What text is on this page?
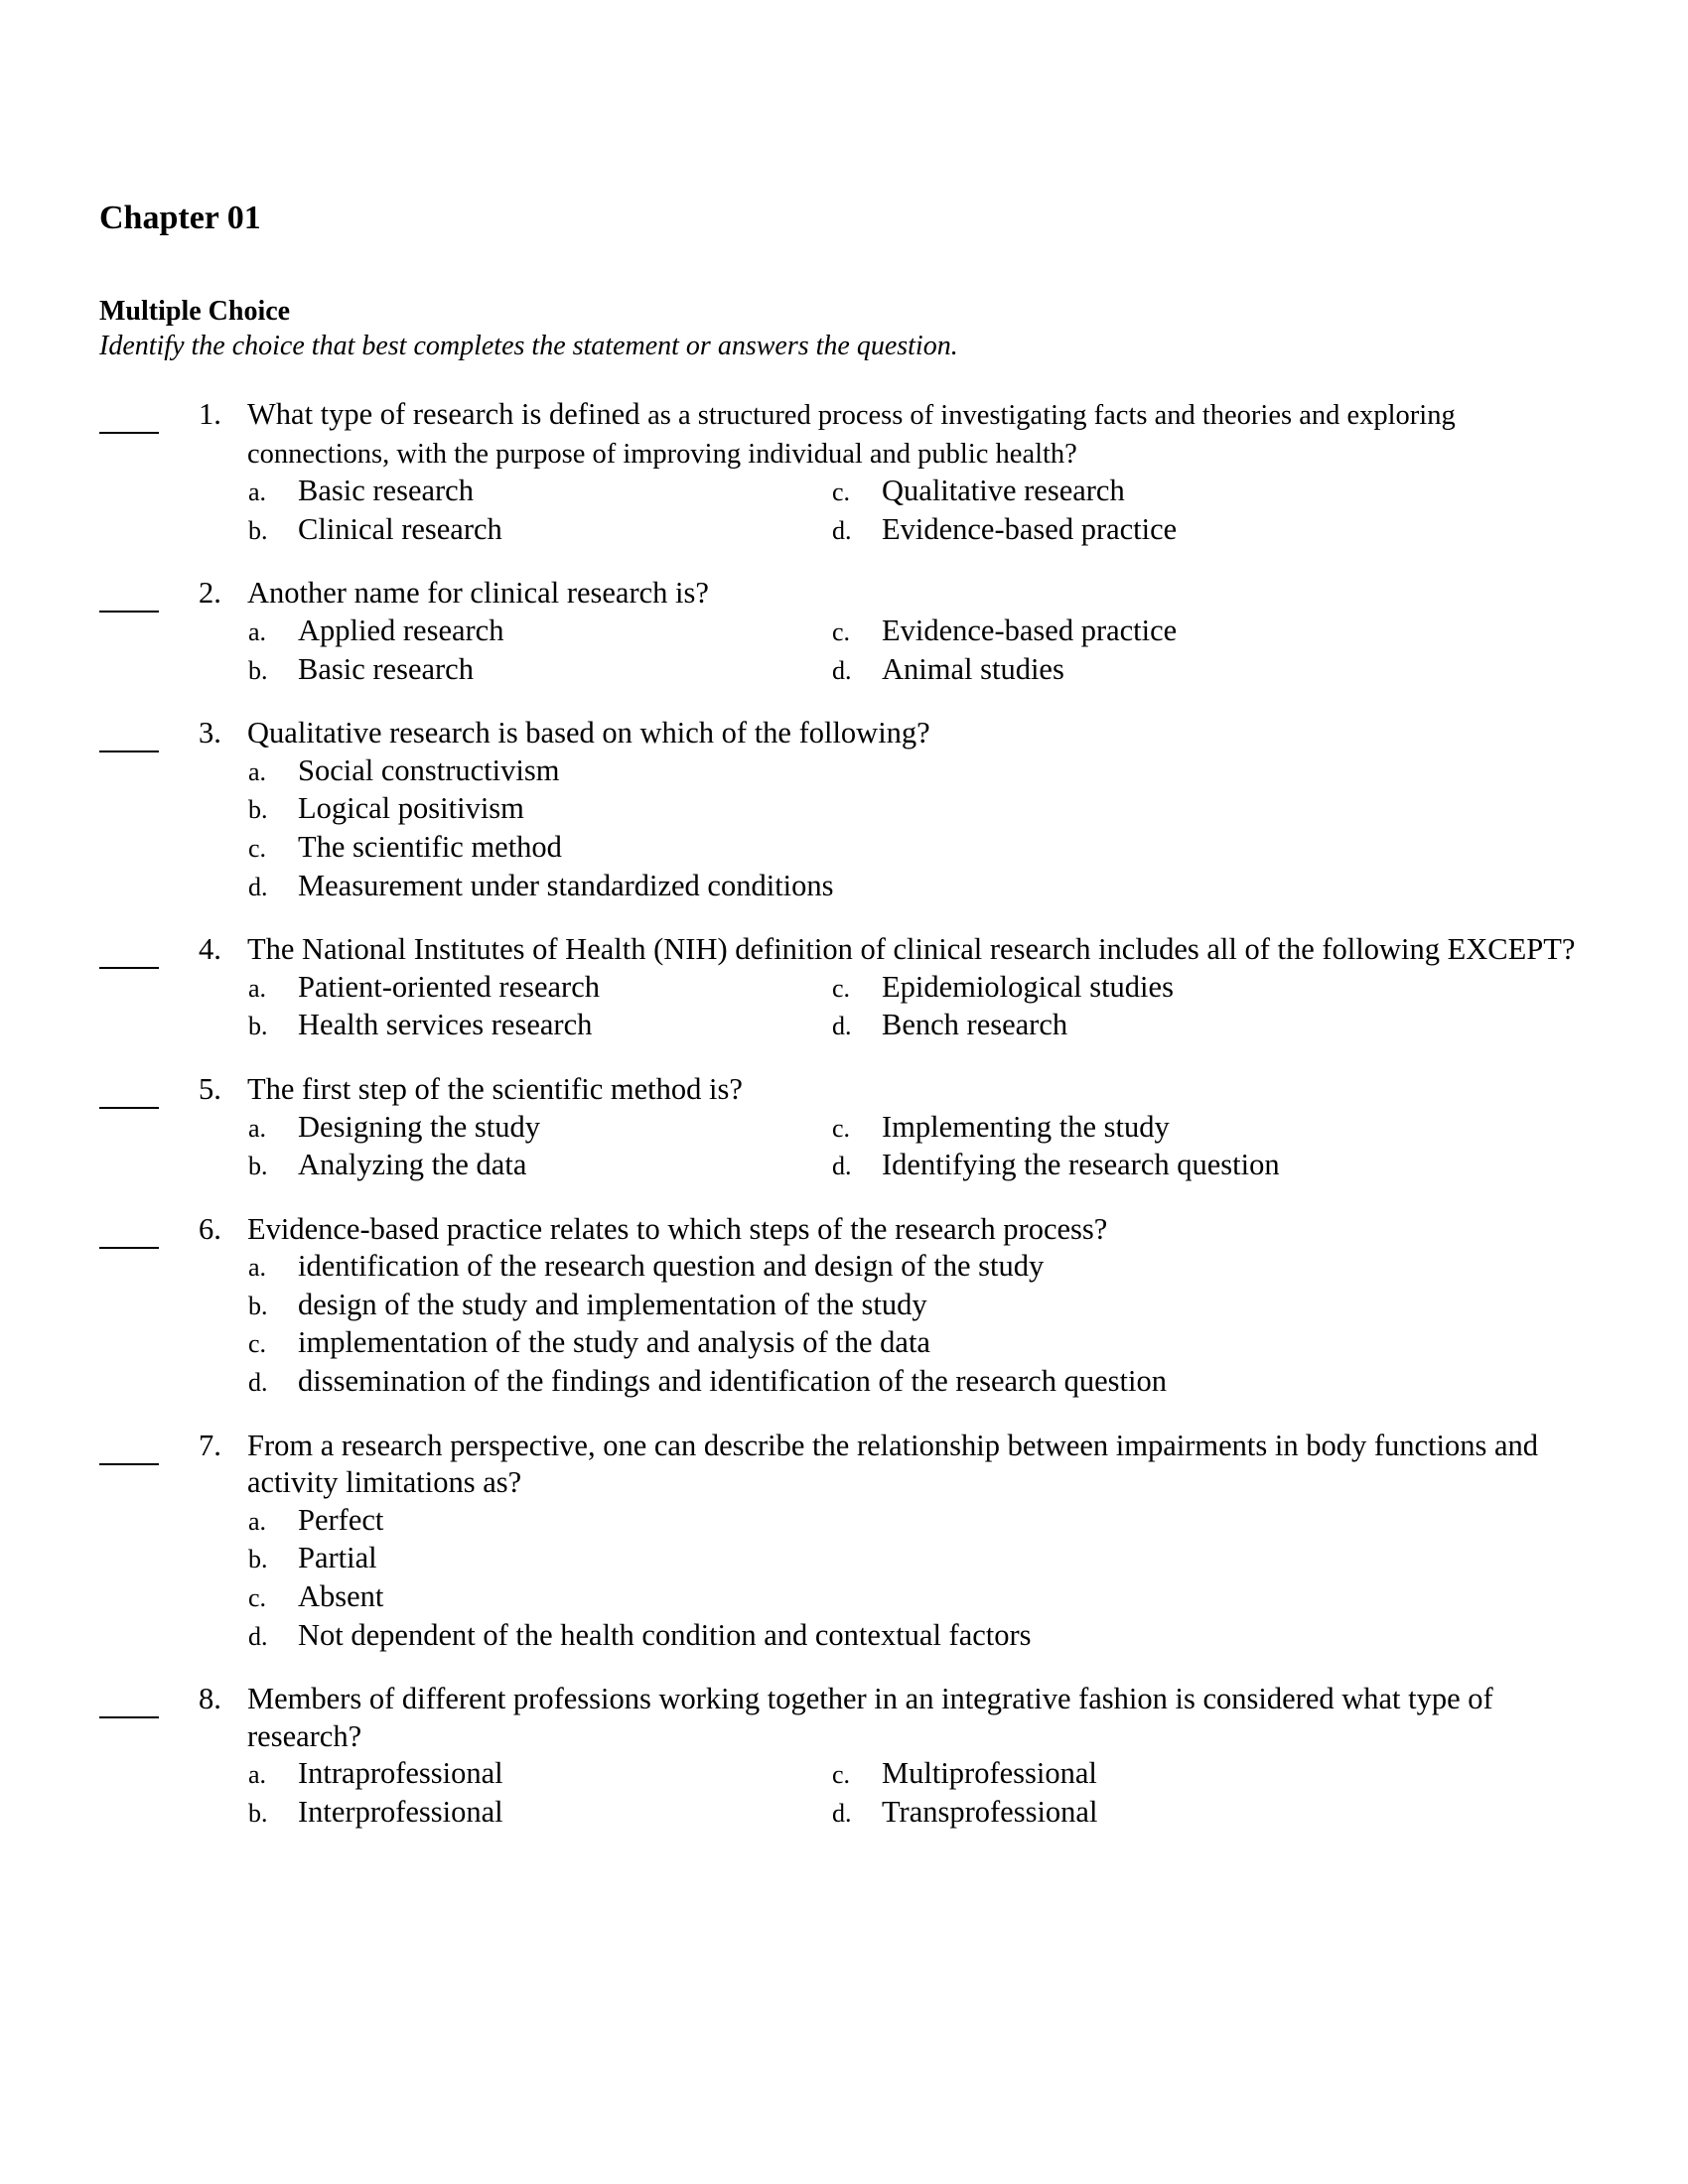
Chapter 01
Multiple Choice

Identify the choice that best completes the statement or answers the question.

1. What type of research is defined as a structured process of investigating facts and theories and exploring connections, with the purpose of improving individual and public health?
a.	Basic research	c.	Qualitative research
b.	Clinical research	d.	Evidence-based practice
2. Another name for clinical research is?
a.	Applied research	c.	Evidence-based practice
b.	Basic research	d.	Animal studies
3. Qualitative research is based on which of the following?
a.	Social constructivism
b.	Logical positivism
c.	The scientific method
d.	Measurement under standardized conditions
4. The National Institutes of Health (NIH) definition of clinical research includes all of the following EXCEPT?
a.	Patient-oriented research	c.	Epidemiological studies
b.	Health services research	d.	Bench research
5. The first step of the scientific method is?
a.	Designing the study	c.	Implementing the study
b.	Analyzing the data	d.	Identifying the research question
6. Evidence-based practice relates to which steps of the research process?
a.	identification of the research question and design of the study
b.	design of the study and implementation of the study
c.	implementation of the study and analysis of the data
d.	dissemination of the findings and identification of the research question
7. From a research perspective, one can describe the relationship between impairments in body functions and activity limitations as?
a.	Perfect
b.	Partial
c.	Absent
d.	Not dependent of the health condition and contextual factors
8. Members of different professions working together in an integrative fashion is considered what type of research?
a.	Intraprofessional	c.	Multiprofessional
b.	Interprofessional	d.	Transprofessional
